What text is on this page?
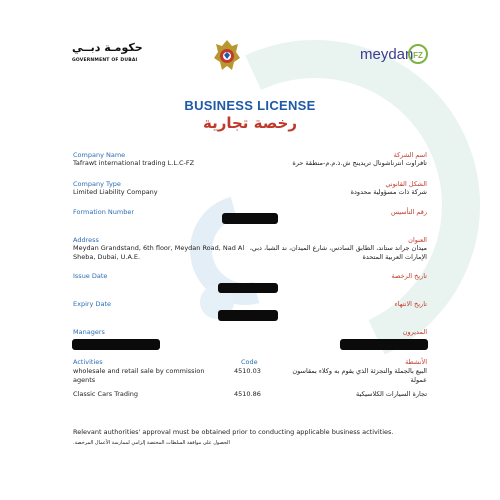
حكومـة دبــي
GOVERNMENT OF DUBAI	meydan FZ
BUSINESS LICENSE
رخصة تجارية
Company Name
Tafrawt international trading L.L.C-FZ
اسم الشركة
تافراوت انترناشونال تريدينج ش.ذ.م.م-منطقة حرة
Company Type
Limited Liability Company
الشكل القانوني
شركة ذات مسؤولية محدودة
Formation Number	رقم التأسيس
Address
Meydan Grandstand, 6th floor, Meydan Road, Nad Al
Sheba, Dubai, U.A.E.
العنوان
ميدان جراند ستاند، الطابق السادس، شارع الميدان، ند الشبا، دبي،
الإمارات العربية المتحدة
Issue Date	تاريخ الرخصة
Expiry Date	تاريخ الانتهاء
Managers	المديرون
Activities	Code	الأنشطة
wholesale and retail sale by commission
agents
4510.03	البيع بالجملة والتجزئة الذي يقوم به وكلاء بمقاسون
عمولة
Classic Cars Trading	4510.86	تجارة السيارات الكلاسيكية
Relevant authorities' approval must be obtained prior to conducting applicable business activities.
الحصول على موافقة السلطات المختصة إلزامي لممارسة الأعمال المرخصة.
